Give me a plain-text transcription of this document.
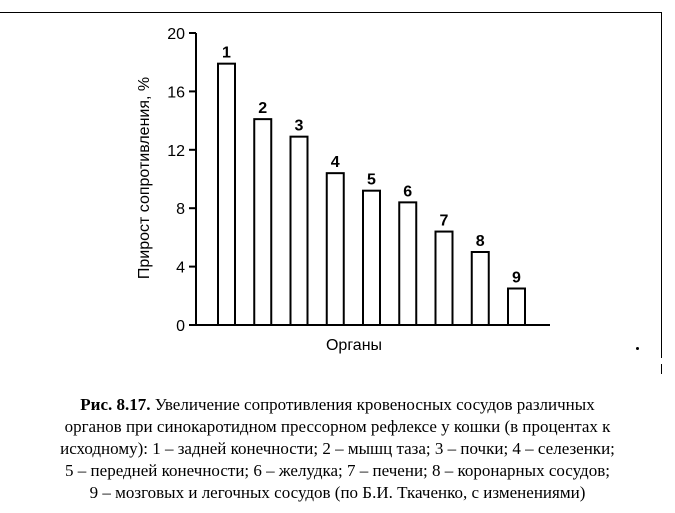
0
4
8
12
16
20
1
2
3
4
5
6
7
8
9
Прирост сопротивления, %
Органы
Рис. 8.17. Увеличение сопротивления кровеносных сосудов различных
органов при синокаротидном прессорном рефлексе у кошки (в процентах к
исходному): 1 – задней конечности; 2 – мышц таза; 3 – почки; 4 – селезенки;
5 – передней конечности; 6 – желудка; 7 – печени; 8 – коронарных сосудов;
9 – мозговых и легочных сосудов (по Б.И. Ткаченко, с изменениями)
